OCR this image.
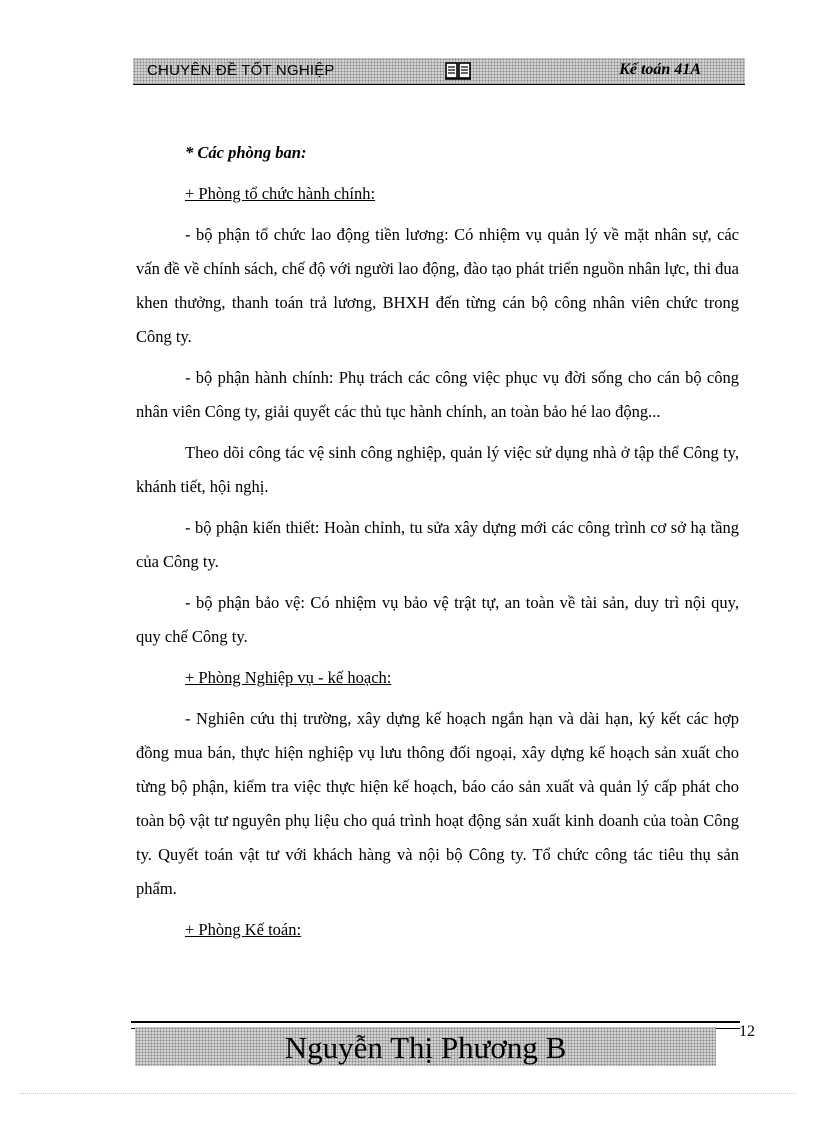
CHUYÊN ĐỀ TỐT NGHIỆP	Kế toán 41A

* Các phòng ban:

+ Phòng tổ chức hành chính:

- bộ phận tổ chức lao động tiền lương: Có nhiệm vụ quản lý về mặt nhân sự, các vấn đề về chính sách, chế độ với người lao động, đào tạo phát triển nguồn nhân lực, thi đua khen thưởng, thanh toán trả lương, BHXH đến từng cán bộ công nhân viên chức trong Công ty.

- bộ phận hành chính: Phụ trách các công việc phục vụ đời sống cho cán bộ công nhân viên Công ty, giải quyết các thủ tục hành chính, an toàn bảo hé lao động...

Theo dõi công tác vệ sinh công nghiệp, quản lý việc sử dụng nhà ở tập thể Công ty, khánh tiết, hội nghị.

- bộ phận kiến thiết: Hoàn chỉnh, tu sửa xây dựng mới các công trình cơ sở hạ tầng của Công ty.

- bộ phận bảo vệ: Có nhiệm vụ bảo vệ trật tự, an toàn về tài sản, duy trì nội quy, quy chế Công ty.

+ Phòng Nghiệp vụ - kế hoạch:

- Nghiên cứu thị trường, xây dựng kế hoạch ngắn hạn và dài hạn, ký kết các hợp đồng mua bán, thực hiện nghiệp vụ lưu thông đối ngoại, xây dựng kế hoạch sản xuất cho từng bộ phận, kiểm tra việc thực hiện kế hoạch, báo cáo sản xuất và quản lý cấp phát cho toàn bộ vật tư nguyên phụ liệu cho quá trình hoạt động sản xuất kinh doanh của toàn Công ty. Quyết toán vật tư với khách hàng và nội bộ Công ty. Tổ chức công tác tiêu thụ sản phẩm.

+ Phòng Kế toán:

Nguyễn Thị Phương B	12
